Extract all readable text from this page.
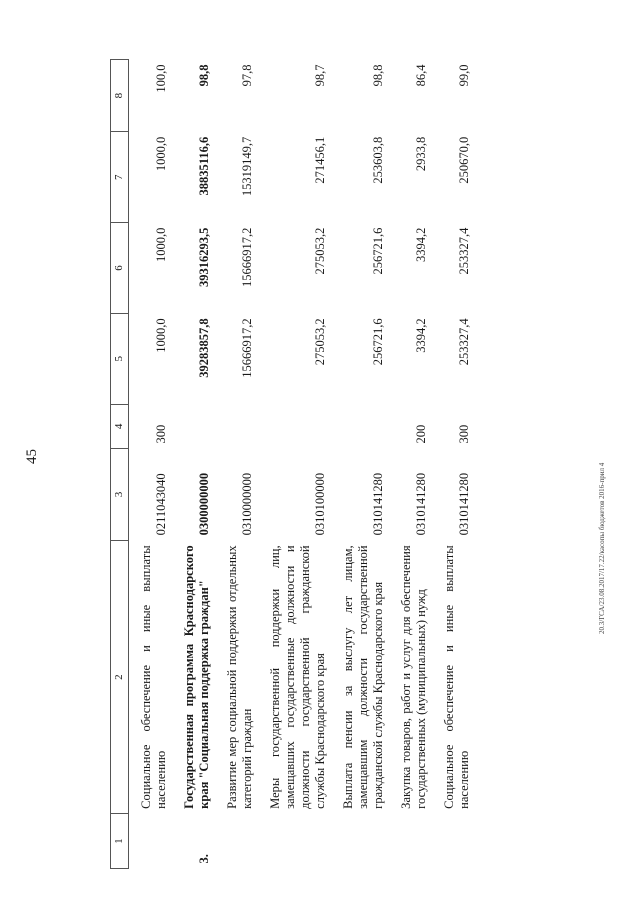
45
20.3/ГСА/23.08.2017/17.22/касопы бюджетов 2016-прил 4
1	2	3	4	5	6	7	8
	Социальное обеспечение и иные выплаты населению	0211043040	300	1000,0	1000,0	1000,0	100,0
3.	Государственная программа Краснодарского края "Социальная поддержка граждан"	0300000000		39283857,8	39316293,5	38835116,6	98,8
	Развитие мер социальной поддержки отдельных категорий граждан	0310000000		15666917,2	15666917,2	15319149,7	97,8
	Меры государственной поддержки лиц, замещавших государственные должности и должности государственной гражданской службы Краснодарского края	0310100000		275053,2	275053,2	271456,1	98,7
	Выплата пенсии за выслугу лет лицам, замещавшим должности государственной гражданской службы Краснодарского края	0310141280		256721,6	256721,6	253603,8	98,8
	Закупка товаров, работ и услуг для обеспечения государственных (муниципальных) нужд	0310141280	200	3394,2	3394,2	2933,8	86,4
	Социальное обеспечение и иные выплаты населению	0310141280	300	253327,4	253327,4	250670,0	99,0
